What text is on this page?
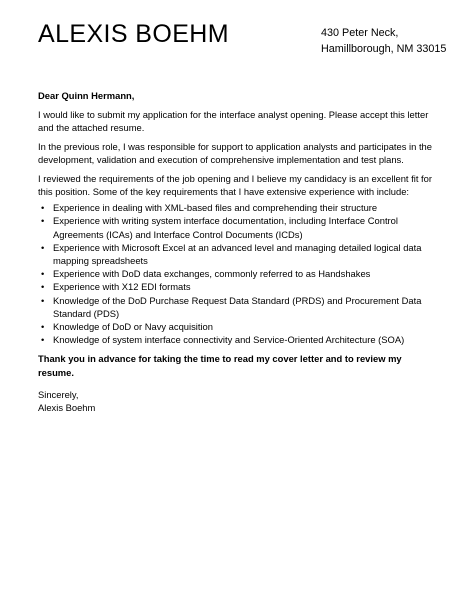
ALEXIS BOEHM	430 Peter Neck,
Hamillborough, NM 33015

Dear Quinn Hermann,

I would like to submit my application for the interface analyst opening. Please accept this letter and the attached resume.

In the previous role, I was responsible for support to application analysts and participates in the development, validation and execution of comprehensive implementation and test plans.

I reviewed the requirements of the job opening and I believe my candidacy is an excellent fit for this position. Some of the key requirements that I have extensive experience with include:

• Experience in dealing with XML-based files and comprehending their structure
• Experience with writing system interface documentation, including Interface Control Agreements (ICAs) and Interface Control Documents (ICDs)
• Experience with Microsoft Excel at an advanced level and managing detailed logical data mapping spreadsheets
• Experience with DoD data exchanges, commonly referred to as Handshakes
• Experience with X12 EDI formats
• Knowledge of the DoD Purchase Request Data Standard (PRDS) and Procurement Data Standard (PDS)
• Knowledge of DoD or Navy acquisition
• Knowledge of system interface connectivity and Service-Oriented Architecture (SOA)

Thank you in advance for taking the time to read my cover letter and to review my resume.

Sincerely,

Alexis Boehm
